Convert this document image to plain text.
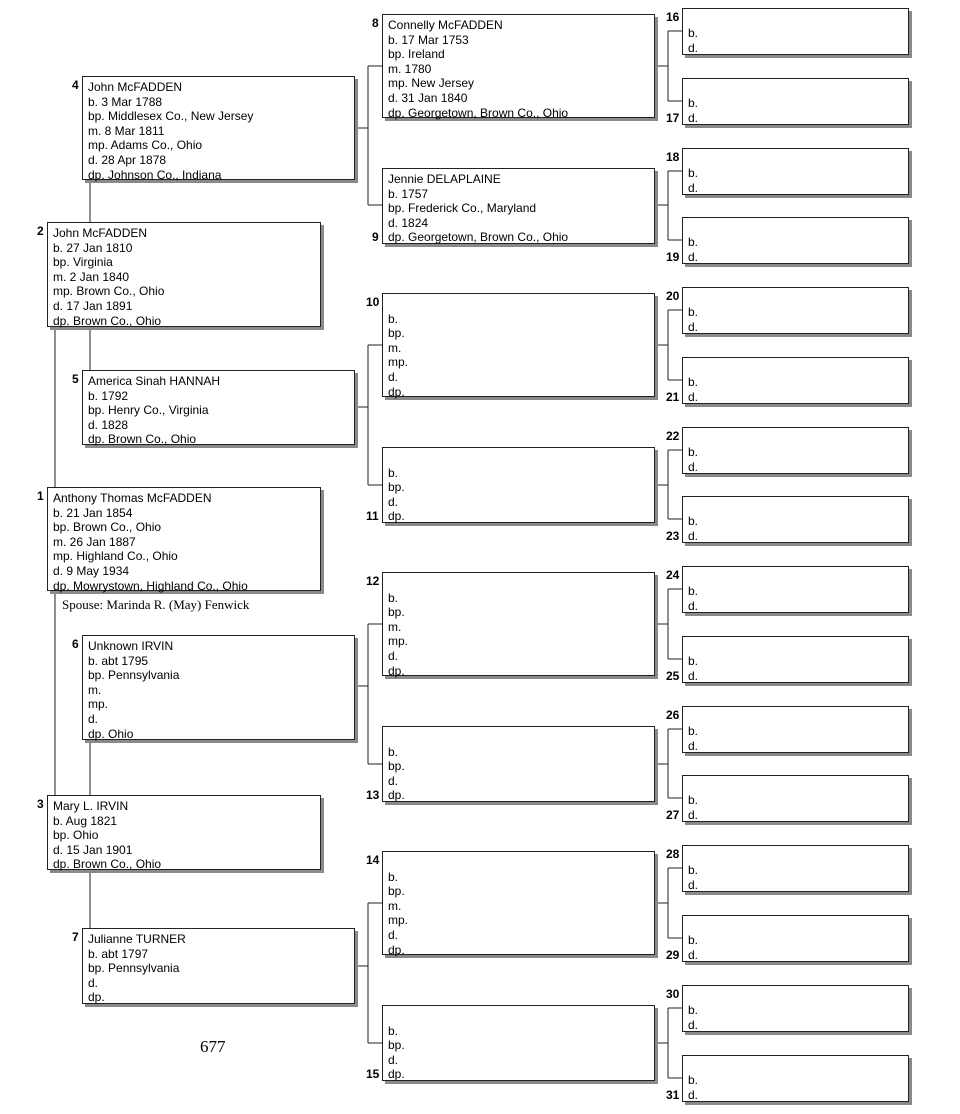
Anthony Thomas McFADDEN
b. 21 Jan 1854
bp. Brown Co., Ohio
m. 26 Jan 1887
mp. Highland Co., Ohio
d. 9 May 1934
dp. Mowrystown, Highland Co., Ohio
1
John McFADDEN
b. 27 Jan 1810
bp. Virginia
m. 2 Jan 1840
mp. Brown Co., Ohio
d. 17 Jan 1891
dp. Brown Co., Ohio
2
Mary L. IRVIN
b. Aug 1821
bp. Ohio
d. 15 Jan 1901
dp. Brown Co., Ohio
3
John McFADDEN
b. 3 Mar 1788
bp. Middlesex Co., New Jersey
m. 8 Mar 1811
mp. Adams Co., Ohio
d. 28 Apr 1878
dp. Johnson Co., Indiana
4
America Sinah HANNAH
b. 1792
bp. Henry Co., Virginia
d. 1828
dp. Brown Co., Ohio
5
Unknown IRVIN
b. abt 1795
bp. Pennsylvania
m.
mp.
d.
dp. Ohio
6
Julianne TURNER
b. abt 1797
bp. Pennsylvania
d.
dp.
7
Connelly McFADDEN
b. 17 Mar 1753
bp. Ireland
m. 1780
mp. New Jersey
d. 31 Jan 1840
dp. Georgetown, Brown Co., Ohio
8
Jennie DELAPLAINE
b. 1757
bp. Frederick Co., Maryland
d. 1824
dp. Georgetown, Brown Co., Ohio
9

b.
bp.
m.
mp.
d.
dp.
10

b.
bp.
d.
dp.
11

b.
bp.
m.
mp.
d.
dp.
12

b.
bp.
d.
dp.
13

b.
bp.
m.
mp.
d.
dp.
14

b.
bp.
d.
dp.
15
b.
d.
16
b.
d.
17
b.
d.
18
b.
d.
19
b.
d.
20
b.
d.
21
b.
d.
22
b.
d.
23
b.
d.
24
b.
d.
25
b.
d.
26
b.
d.
27
b.
d.
28
b.
d.
29
b.
d.
30
b.
d.
31
Spouse: Marinda R. (May) Fenwick
677
